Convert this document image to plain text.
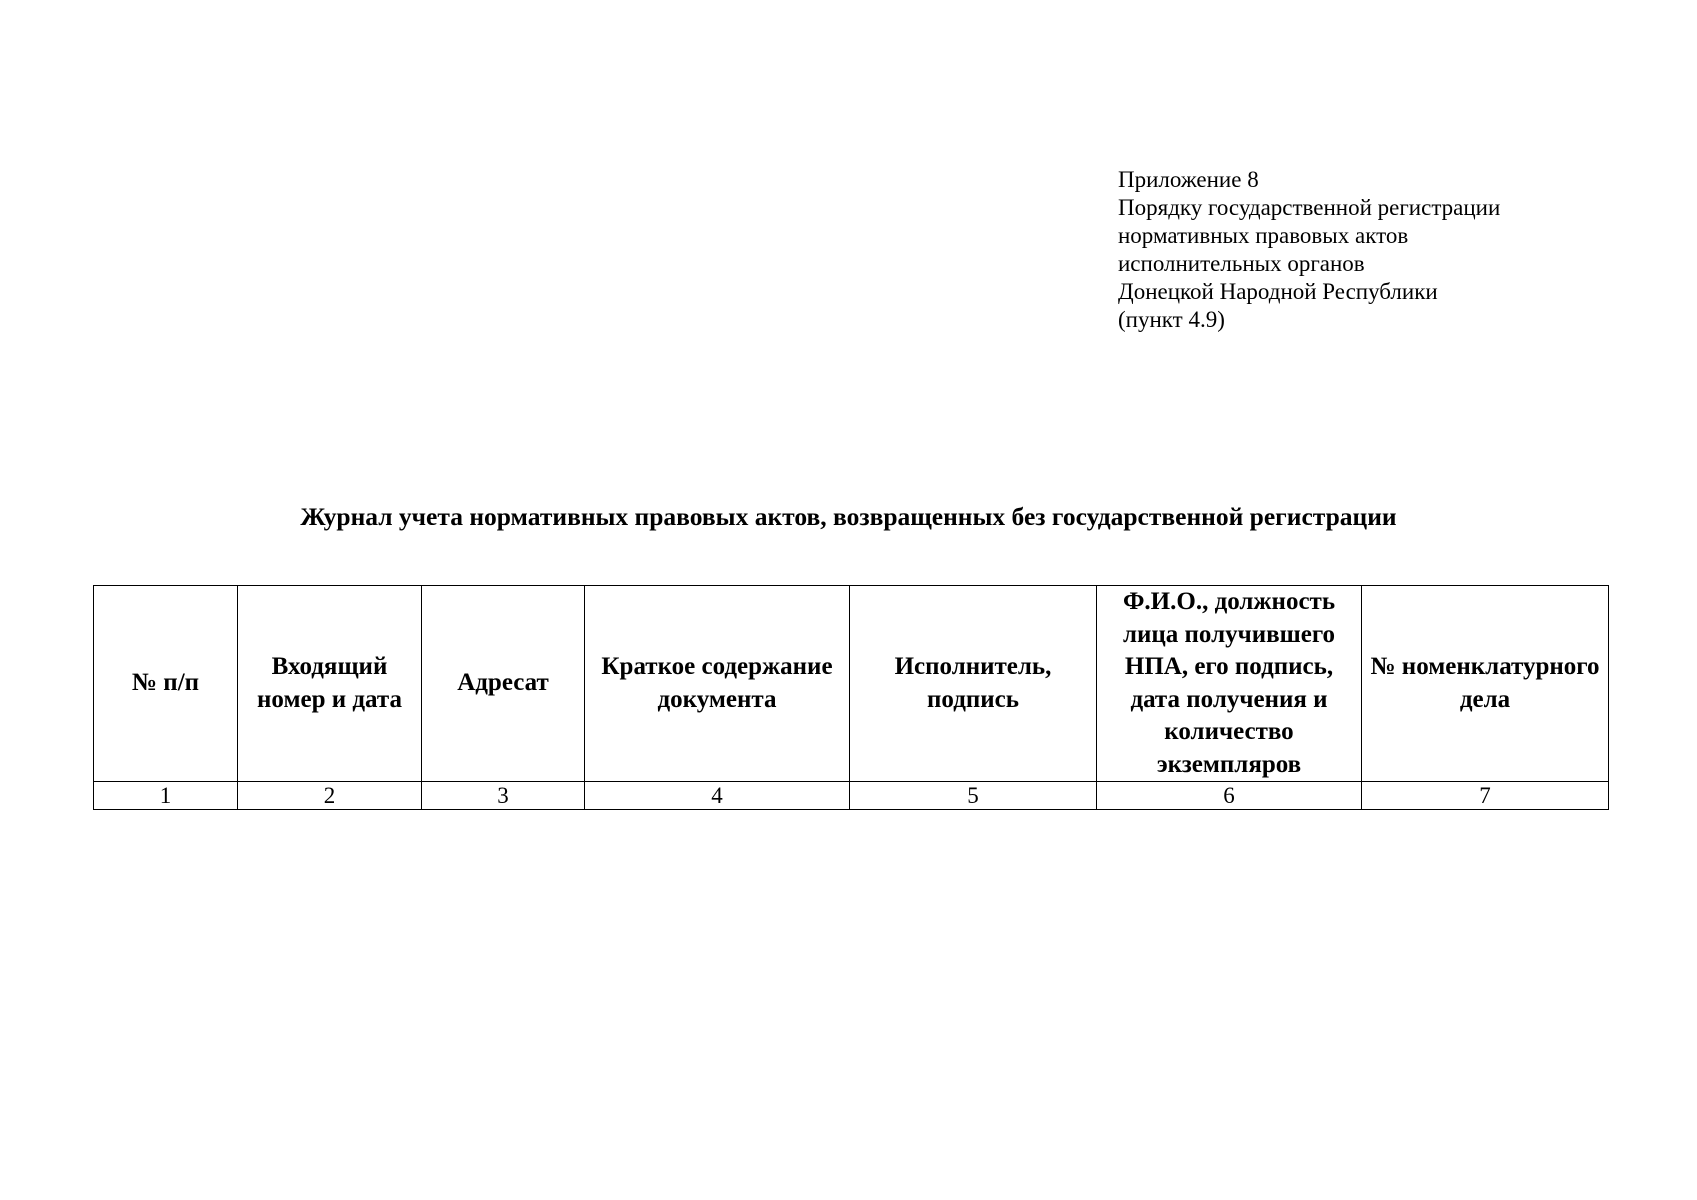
Приложение 8
Порядку государственной регистрации
нормативных правовых актов
исполнительных органов
Донецкой Народной Республики
(пункт 4.9)
Журнал учета нормативных правовых актов, возвращенных без государственной регистрации
№ п/п	Входящий номер и дата	Адресат	Краткое содержание документа	Исполнитель, подпись	Ф.И.О., должность лица получившего НПА, его подпись, дата получения и количество экземпляров	№ номенклатурного дела
1	2	3	4	5	6	7
